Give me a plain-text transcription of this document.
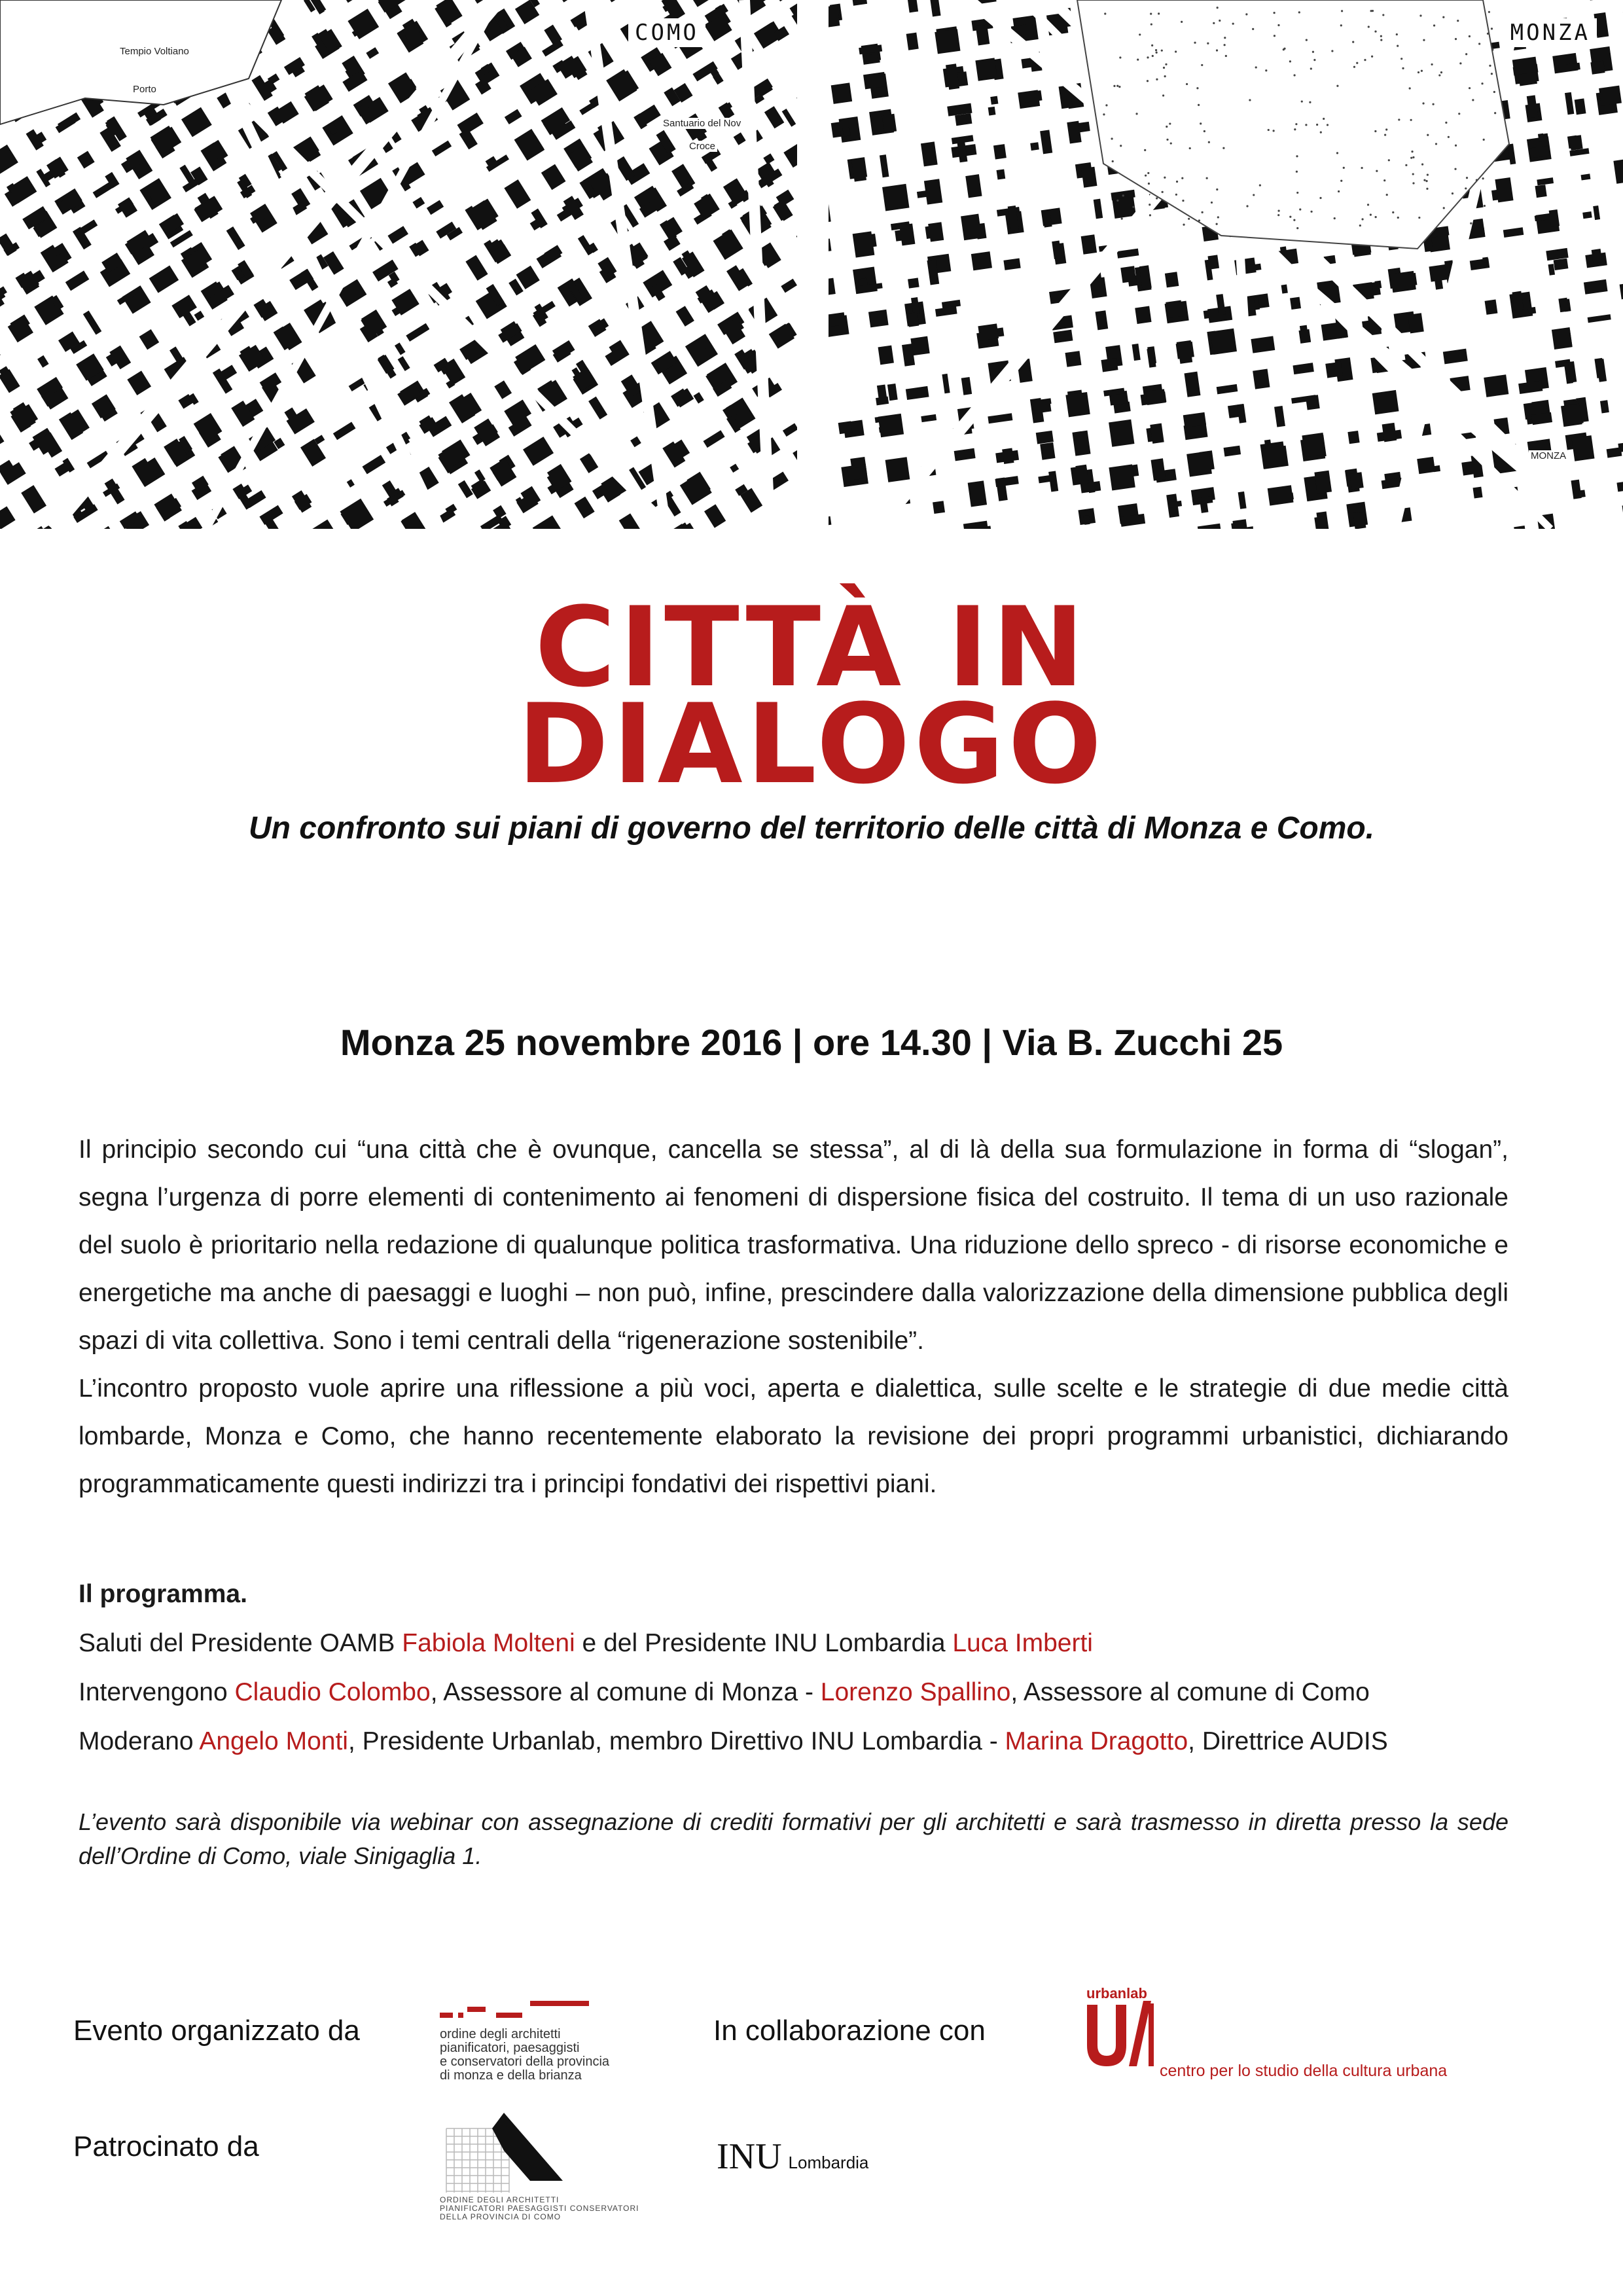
COMO
Tempio Voltiano
Porto
Santuario del Nov
Croce
MONZA
MONZA
CITTÀ IN
DIALOGO
Un confronto sui piani di governo del territorio delle città di Monza e Como.
Monza 25 novembre 2016 | ore 14.30 | Via B. Zucchi 25

Il principio secondo cui “una città che è ovunque, cancella se stessa”, al di là della sua formulazione in forma di “slogan”, segna l’urgenza di porre elementi di contenimento ai fenomeni di dispersione fisica del costruito. Il tema di un uso razionale del suolo è prioritario nella redazione di qualunque politica trasformativa. Una riduzione dello spreco - di risorse economiche e energetiche ma anche di paesaggi e luoghi – non può, infine, prescindere dalla valorizzazione della dimensione pubblica degli spazi di vita collettiva. Sono i temi centrali della “rigenerazione sostenibile”.

L’incontro proposto vuole aprire una riflessione a più voci, aperta e dialettica, sulle scelte e le strategie di due medie città lombarde, Monza e Como, che hanno recentemente elaborato la revisione dei propri programmi urbanistici, dichiarando programmaticamente questi indirizzi tra i principi fondativi dei rispettivi piani.

Il programma.
Saluti del Presidente OAMB Fabiola Molteni e del Presidente INU Lombardia Luca Imberti
Intervengono Claudio Colombo, Assessore al comune di Monza - Lorenzo Spallino, Assessore al comune di Como
Moderano Angelo Monti, Presidente Urbanlab, membro Direttivo INU Lombardia - Marina Dragotto, Direttrice AUDIS
L’evento sarà disponibile via webinar con assegnazione di crediti formativi per gli architetti e sarà trasmesso in diretta presso la sede dell’Ordine di Como, viale Sinigaglia 1.
Evento organizzato da	In collaborazione con
Patrocinato da
ordine degli architetti
pianificatori, paesaggisti
e conservatori della provincia
di monza e della brianza
urbanlab
centro per lo studio della cultura urbana
ORDINE DEGLI ARCHITETTI
PIANIFICATORI PAESAGGISTI CONSERVATORI
DELLA PROVINCIA DI COMO
INU Lombardia
